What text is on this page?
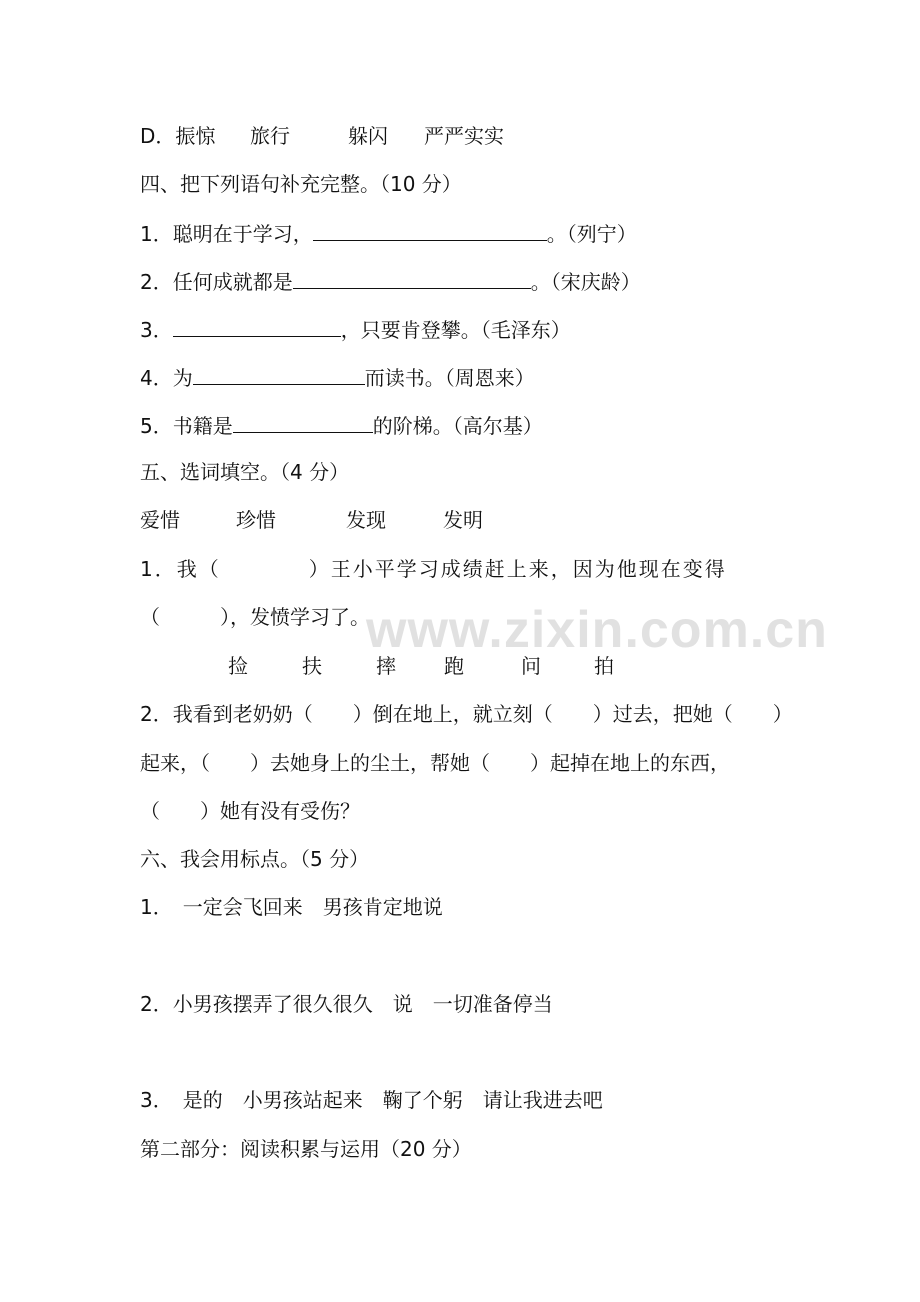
D．振惊 旅行	躲闪 严严实实
四、把下列语句补充完整。（10 分）
1．聪明在于学习，	。（列宁）
2．任何成就都是	。（宋庆龄）
3．	，只要肯登攀。（毛泽东）
4．为	而读书。（周恩来）
5．书籍是	的阶梯。（高尔基）
五、选词填空。（4 分）
爱惜	珍惜	发现	发明
1．我（　　　　）王小平学习成绩赶上来，因为他现在变得
（　　　），发愤学习了。
捡	扶	摔 跑	问	拍
2．我看到老奶奶（　　）倒在地上，就立刻（　　）过去，把她（　　）
起来，（　　）去她身上的尘土，帮她（　　）起掉在地上的东西，
（　　）她有没有受伤？
六、我会用标点。（5 分）
1．　一定会飞回来　男孩肯定地说
2．小男孩摆弄了很久很久　说　一切准备停当
3．　是的　小男孩站起来　鞠了个躬　请让我进去吧
第二部分：阅读积累与运用（20 分）
www.zixin.com.cn
